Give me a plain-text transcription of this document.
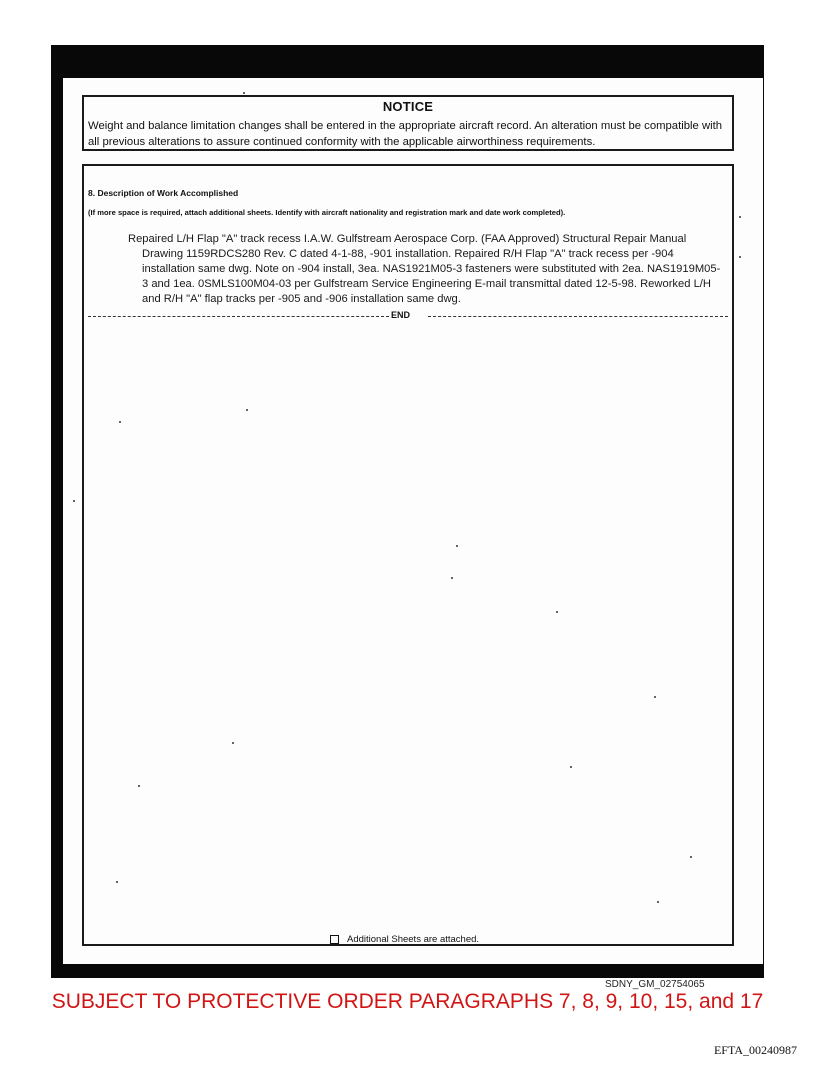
NOTICE
Weight and balance limitation changes shall be entered in the appropriate aircraft record. An alteration must be compatible with all previous alterations to assure continued conformity with the applicable airworthiness requirements.
8. Description of Work Accomplished
(If more space is required, attach additional sheets. Identify with aircraft nationality and registration mark and date work completed).

Repaired L/H Flap "A" track recess I.A.W. Gulfstream Aerospace Corp. (FAA Approved) Structural Repair Manual Drawing 1159RDCS280 Rev. C dated 4-1-88, -901 installation. Repaired R/H Flap "A" track recess per -904 installation same dwg. Note on -904 install, 3ea. NAS1921M05-3 fasteners were substituted with 2ea. NAS1919M05-3 and 1ea. 0SMLS100M04-03 per Gulfstream Service Engineering E-mail transmittal dated 12-5-98. Reworked L/H and R/H "A" flap tracks per -905 and -906 installation same dwg.

END
Additional Sheets are attached.
SDNY_GM_02754065
SUBJECT TO PROTECTIVE ORDER PARAGRAPHS 7, 8, 9, 10, 15, and 17
EFTA_00240987
